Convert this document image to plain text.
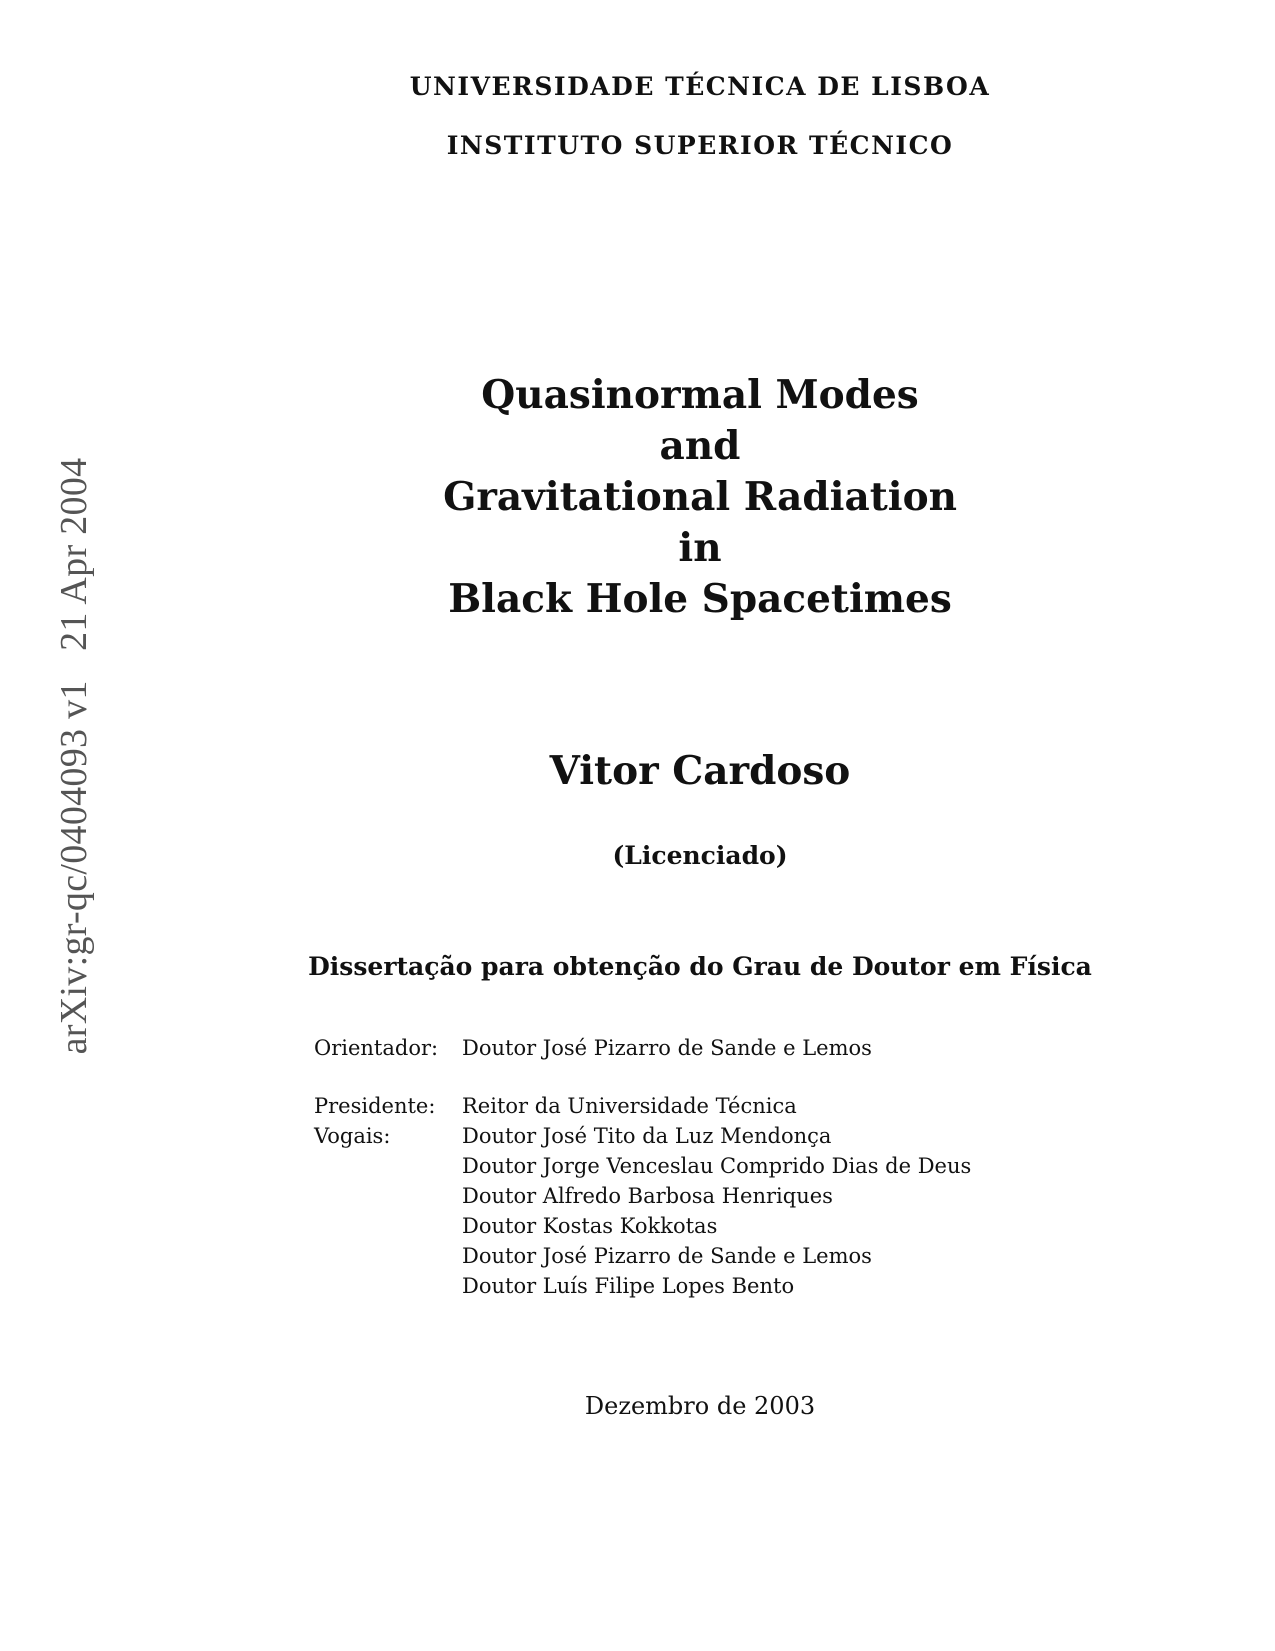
arXiv:gr-qc/0404093 v1   21 Apr 2004
UNIVERSIDADE TÉCNICA DE LISBOA
INSTITUTO SUPERIOR TÉCNICO
Quasinormal Modes
and
Gravitational Radiation
in
Black Hole Spacetimes
Vitor Cardoso
(Licenciado)
Dissertação para obtenção do Grau de Doutor em Física
Orientador:	Doutor José Pizarro de Sande e Lemos
Presidente:	Reitor da Universidade Técnica
Vogais:	Doutor José Tito da Luz Mendonça
Doutor Jorge Venceslau Comprido Dias de Deus
Doutor Alfredo Barbosa Henriques
Doutor Kostas Kokkotas
Doutor José Pizarro de Sande e Lemos
Doutor Luís Filipe Lopes Bento
Dezembro de 2003
